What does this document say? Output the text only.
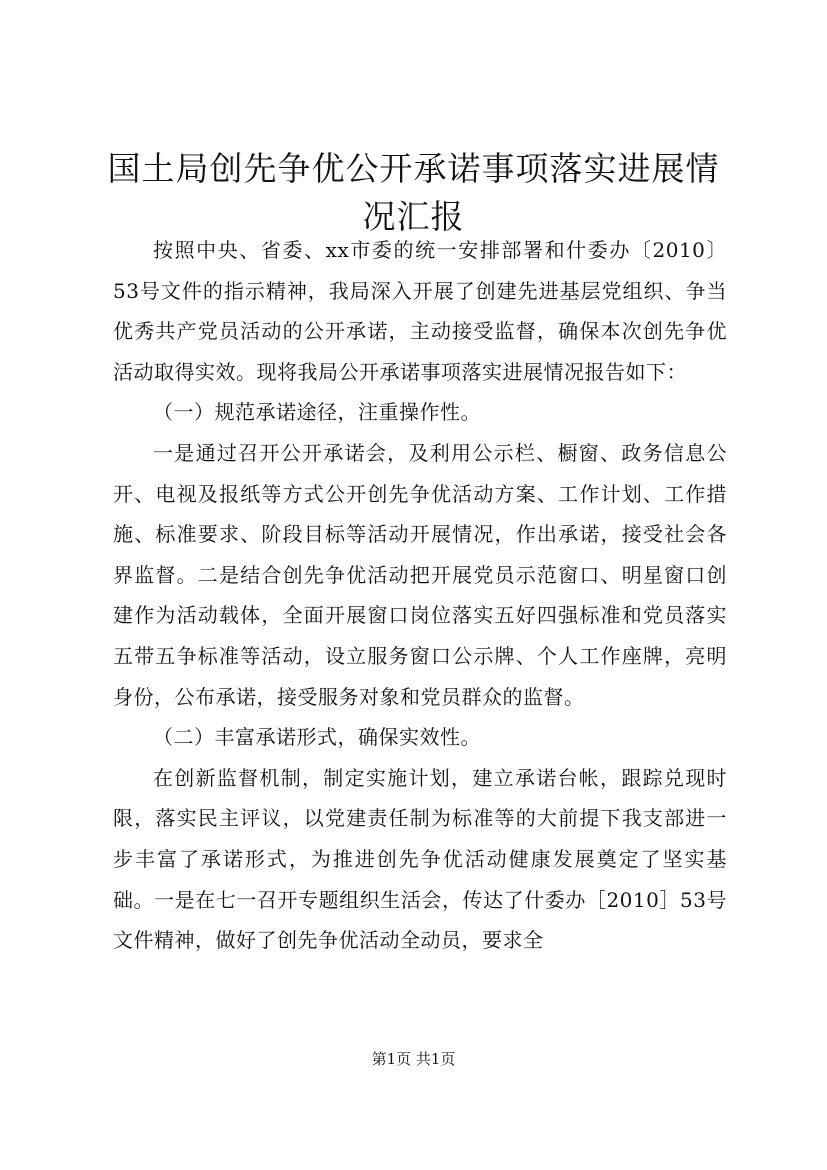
国土局创先争优公开承诺事项落实进展情况汇报

按照中央、省委、xx市委的统一安排部署和什委办〔2010〕53号文件的指示精神，我局深入开展了创建先进基层党组织、争当优秀共产党员活动的公开承诺，主动接受监督，确保本次创先争优活动取得实效。现将我局公开承诺事项落实进展情况报告如下：

（一）规范承诺途径，注重操作性。

一是通过召开公开承诺会，及利用公示栏、橱窗、政务信息公开、电视及报纸等方式公开创先争优活动方案、工作计划、工作措施、标准要求、阶段目标等活动开展情况，作出承诺，接受社会各界监督。二是结合创先争优活动把开展党员示范窗口、明星窗口创建作为活动载体，全面开展窗口岗位落实五好四强标准和党员落实五带五争标准等活动，设立服务窗口公示牌、个人工作座牌，亮明身份，公布承诺，接受服务对象和党员群众的监督。

（二）丰富承诺形式，确保实效性。

在创新监督机制，制定实施计划，建立承诺台帐，跟踪兑现时限，落实民主评议，以党建责任制为标准等的大前提下我支部进一步丰富了承诺形式，为推进创先争优活动健康发展奠定了坚实基础。一是在七一召开专题组织生活会，传达了什委办［2010］53号文件精神，做好了创先争优活动全动员，要求全

第1页 共1页
